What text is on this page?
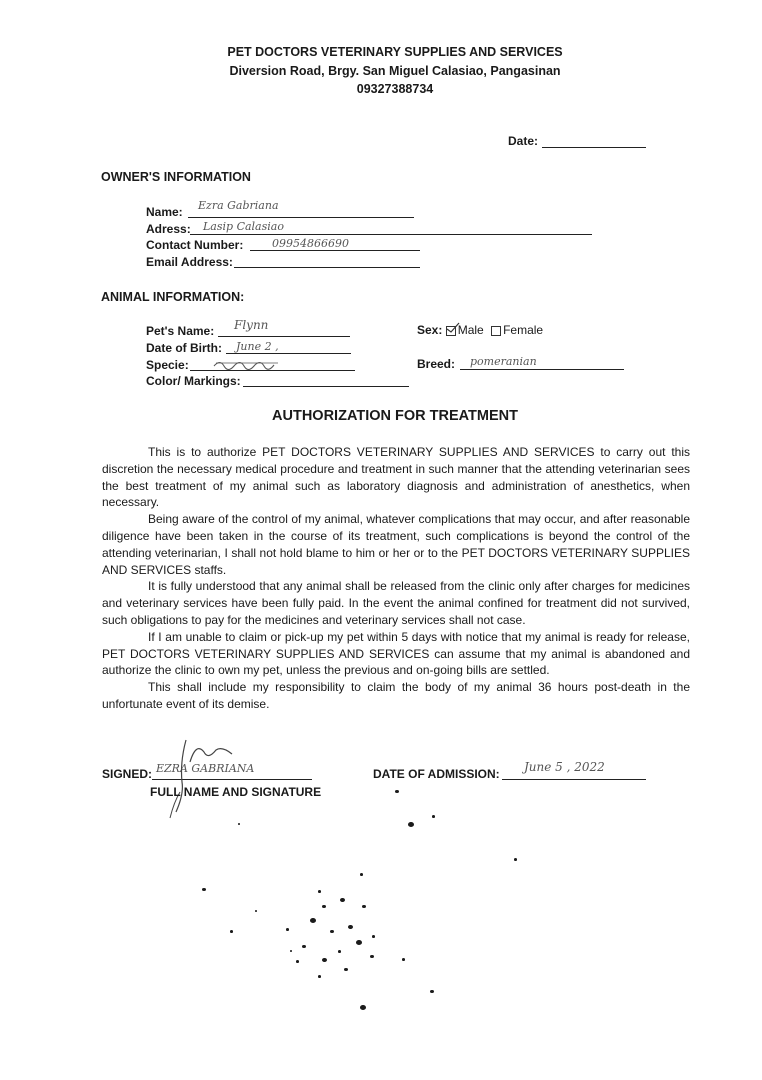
PET DOCTORS VETERINARY SUPPLIES AND SERVICES
Diversion Road, Brgy. San Miguel Calasiao, Pangasinan
09327388734
Date:
OWNER'S INFORMATION
Name: Ezra Gabriana
Adress: Lasip Calasiao
Contact Number:	09954866690
Email Address:
ANIMAL INFORMATION:
Pet's Name: Flynn
Date of Birth: June 2 ,
Specie:
Color/ Markings:
Sex: Male Female
Breed: pomeranian
AUTHORIZATION FOR TREATMENT

This is to authorize PET DOCTORS VETERINARY SUPPLIES AND SERVICES to carry out this discretion the necessary medical procedure and treatment in such manner that the attending veterinarian sees the best treatment of my animal such as laboratory diagnosis and administration of anesthetics, when necessary.

Being aware of the control of my animal, whatever complications that may occur, and after reasonable diligence have been taken in the course of its treatment, such complications is beyond the control of the attending veterinarian, I shall not hold blame to him or her or to the PET DOCTORS VETERINARY SUPPLIES AND SERVICES staffs.

It is fully understood that any animal shall be released from the clinic only after charges for medicines and veterinary services have been fully paid. In the event the animal confined for treatment did not survived, such obligations to pay for the medicines and veterinary services shall not case.

If I am unable to claim or pick-up my pet within 5 days with notice that my animal is ready for release, PET DOCTORS VETERINARY SUPPLIES AND SERVICES can assume that my animal is abandoned and authorize the clinic to own my pet, unless the previous and on-going bills are settled.

This shall include my responsibility to claim the body of my animal 36 hours post-death in the unfortunate event of its demise.

SIGNED: EZRA GABRIANA
FULL NAME AND SIGNATURE
DATE OF ADMISSION: June 5 , 2022
